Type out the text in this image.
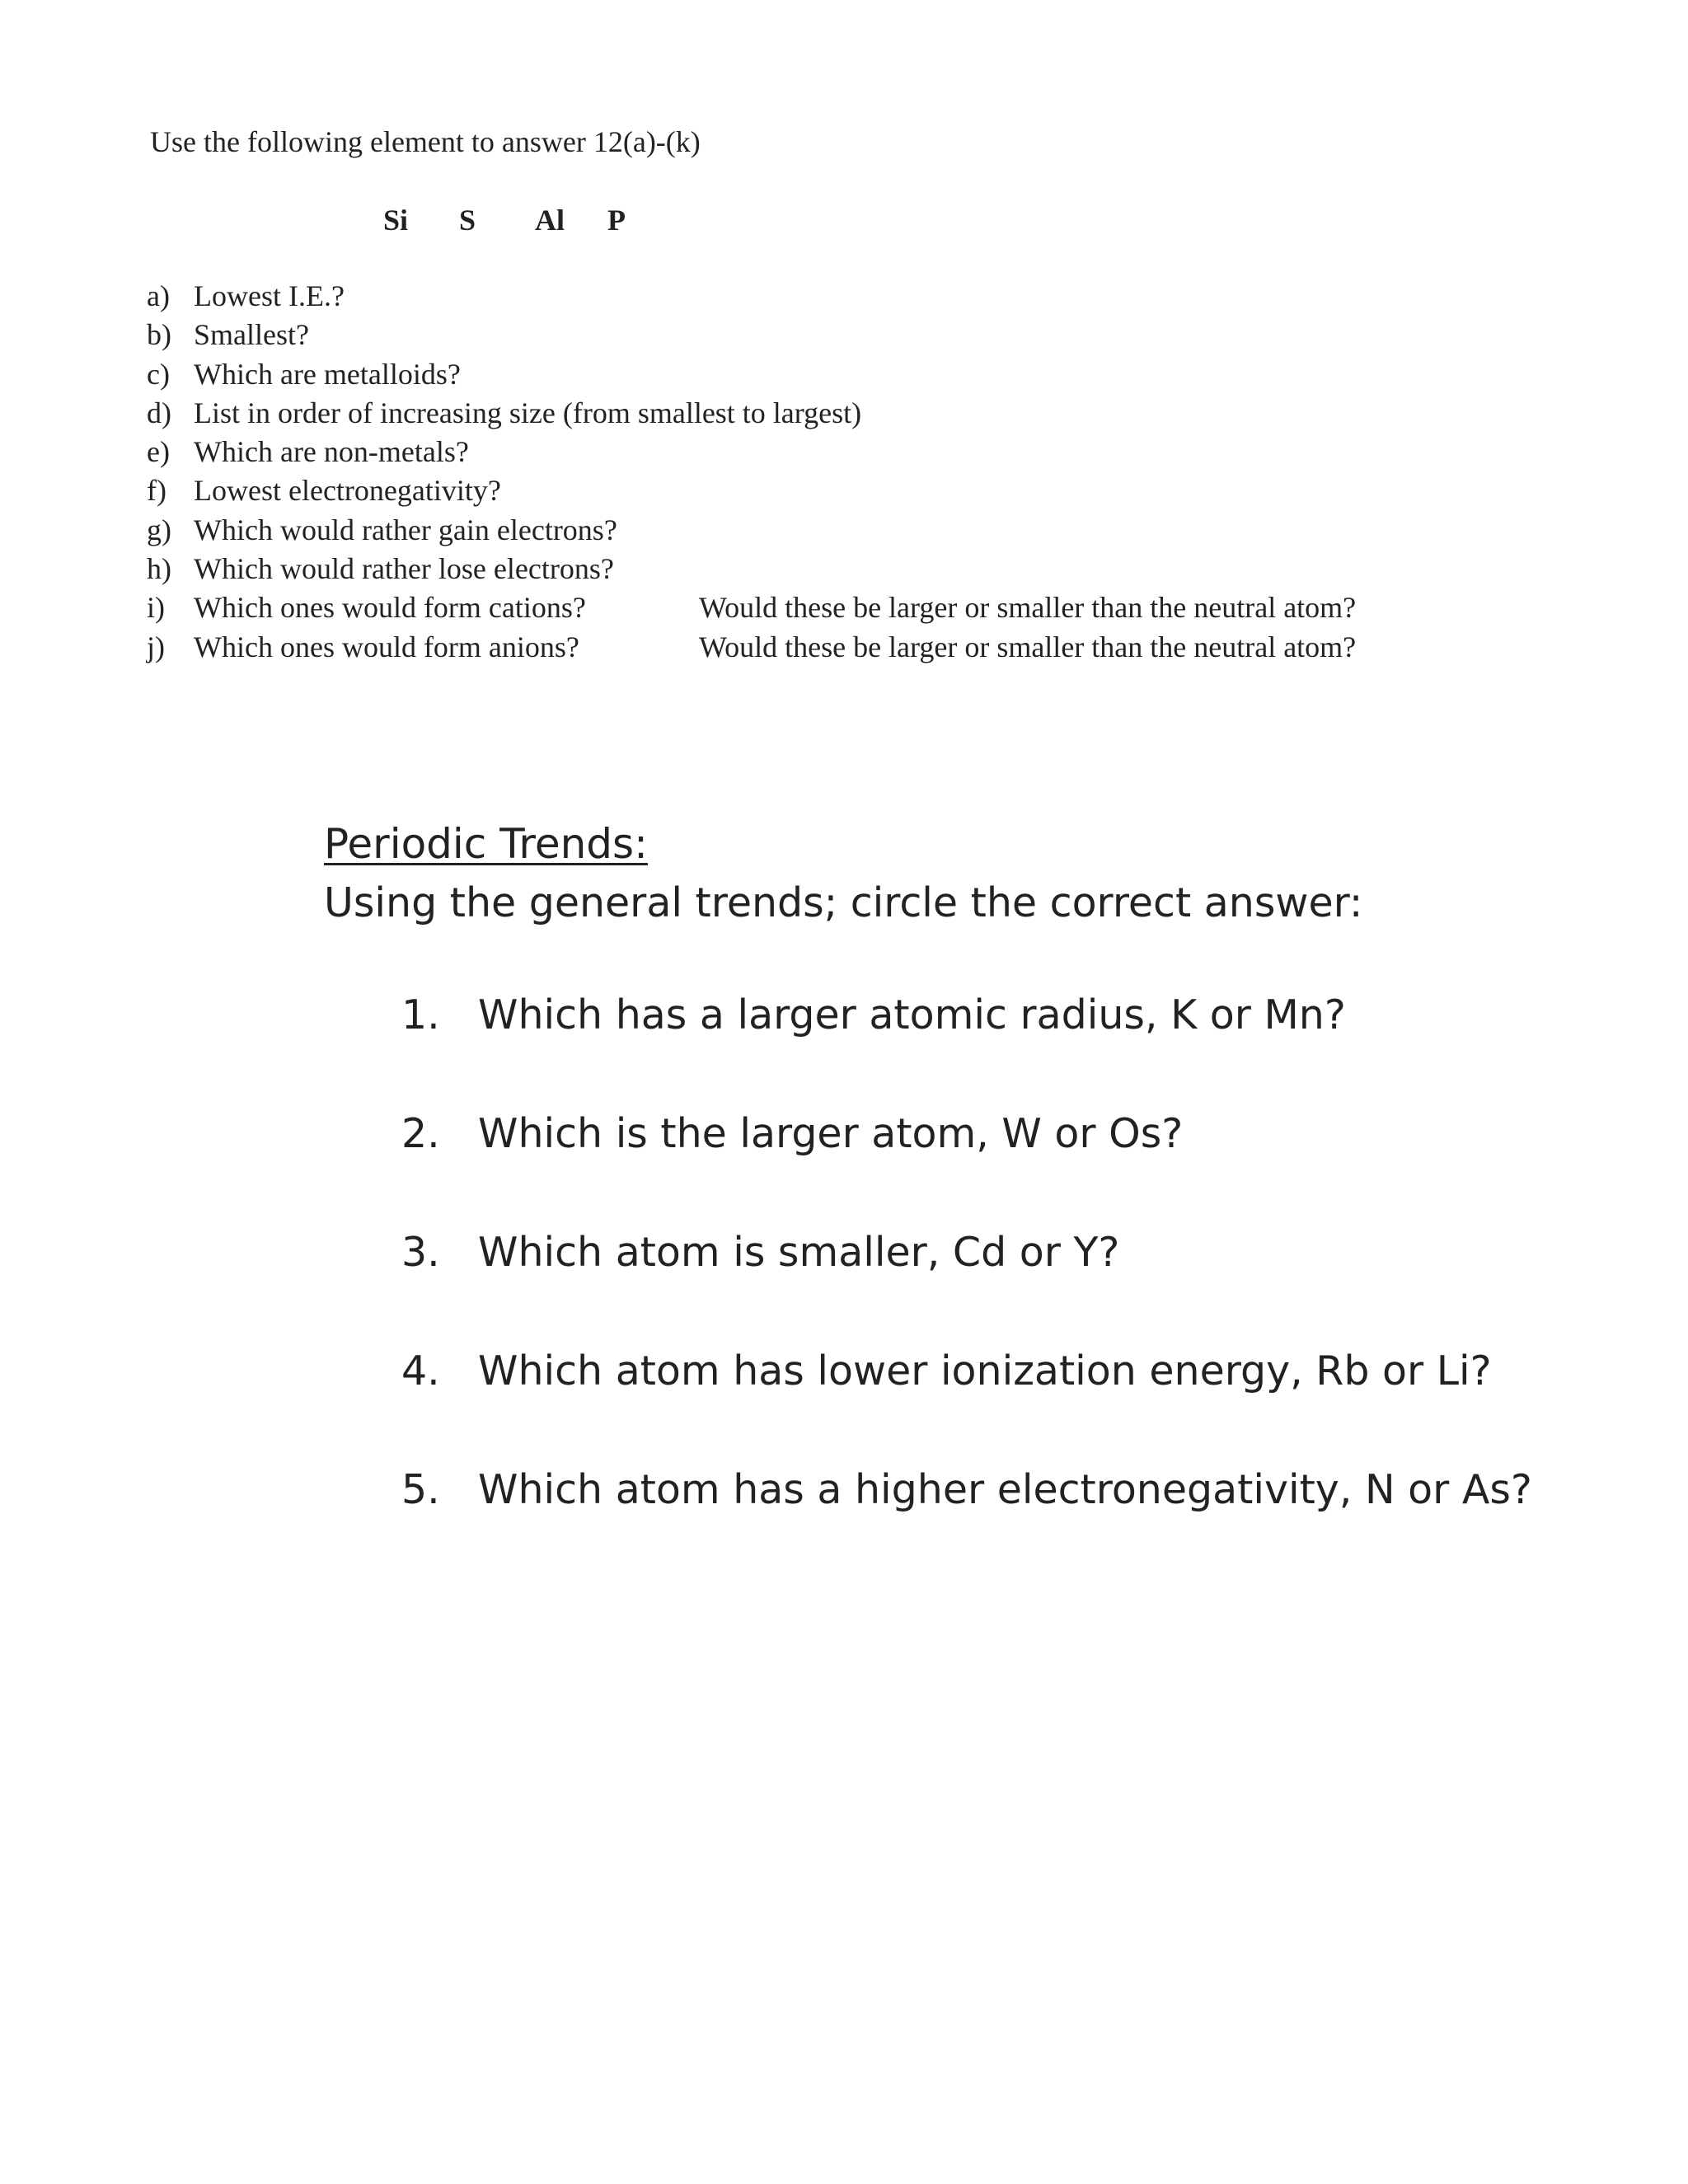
Use the following element to answer 12(a)-(k)
Si S Al P
a) Lowest I.E.?
b) Smallest?
c) Which are metalloids?
d) List in order of increasing size (from smallest to largest)
e) Which are non-metals?
f) Lowest electronegativity?
g) Which would rather gain electrons?
h) Which would rather lose electrons?
i) Which ones would form cations?	Would these be larger or smaller than the neutral atom?
j) Which ones would form anions?	Would these be larger or smaller than the neutral atom?
Periodic Trends:
Using the general trends; circle the correct answer:
1. Which has a larger atomic radius, K or Mn?
2. Which is the larger atom, W or Os?
3. Which atom is smaller, Cd or Y?
4. Which atom has lower ionization energy, Rb or Li?
5. Which atom has a higher electronegativity, N or As?
